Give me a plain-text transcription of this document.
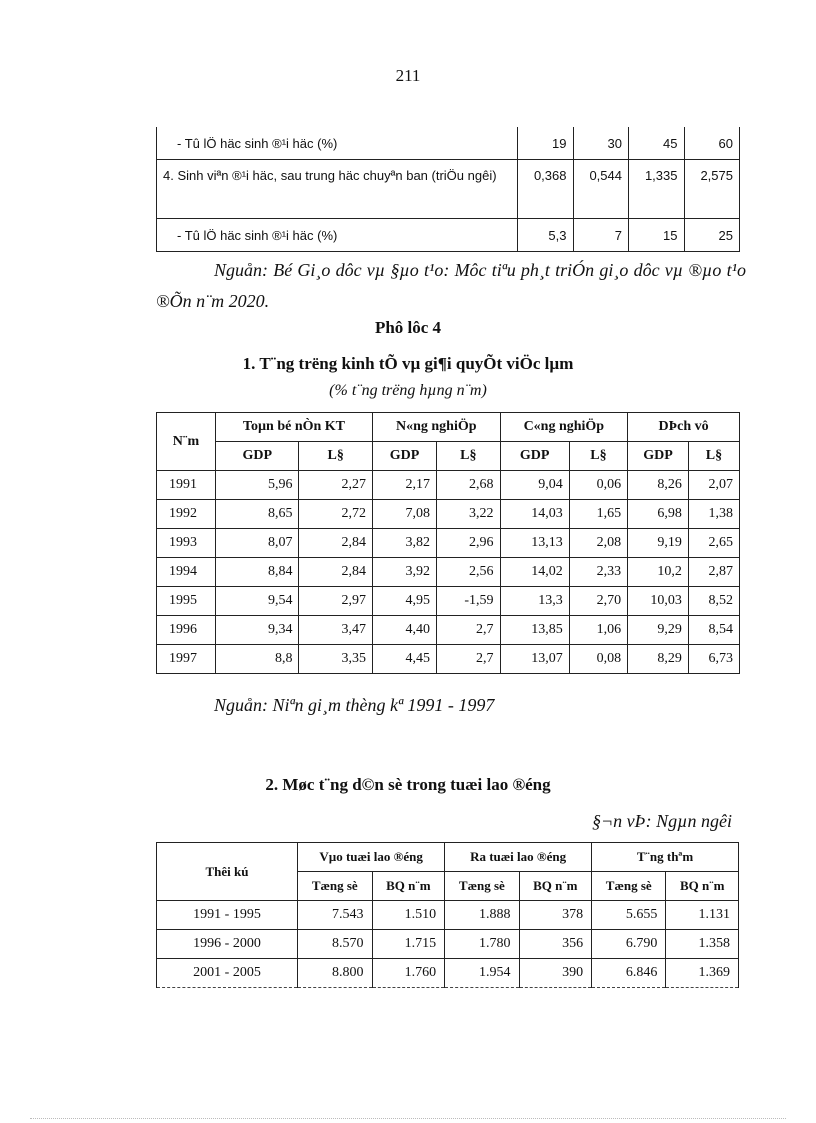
211
- Tû lÖ häc sinh ®¹i häc (%)	19	30	45	60
4. Sinh viªn ®¹i häc, sau trung häc chuyªn ban (triÖu ngêi)	0,368	0,544	1,335	2,575
- Tû lÖ häc sinh ®¹i häc (%)	5,3	7	15	25
Nguån: Bé Gi¸o dôc vµ §µo t¹o: Môc tiªu ph¸t triÓn gi¸o dôc vµ ®µo t¹o ®Õn n¨m 2020.
Phô lôc 4
1. T¨ng trëng kinh tÕ vµ gi¶i quyÕt viÖc lµm
(% t¨ng trëng hµng n¨m)
N¨m	Toµn bé nÒn KT		N«ng nghiÖp		C«ng nghiÖp		DÞch vô	
	GDP	L§	GDP	L§	GDP	L§	GDP	L§
1991	5,96	2,27	2,17	2,68	9,04	0,06	8,26	2,07
1992	8,65	2,72	7,08	3,22	14,03	1,65	6,98	1,38
1993	8,07	2,84	3,82	2,96	13,13	2,08	9,19	2,65
1994	8,84	2,84	3,92	2,56	14,02	2,33	10,2	2,87
1995	9,54	2,97	4,95	-1,59	13,3	2,70	10,03	8,52
1996	9,34	3,47	4,40	2,7	13,85	1,06	9,29	8,54
1997	8,8	3,35	4,45	2,7	13,07	0,08	8,29	6,73
Nguån: Niªn gi¸m thèng kª 1991 - 1997
2. Møc t¨ng d©n sè trong tuæi lao ®éng
§¬n vÞ: Ngµn ngêi
Thêi kú	Vµo tuæi lao ®éng		Ra tuæi lao ®éng		T¨ng thªm	
	Tæng sè	BQ n¨m	Tæng sè	BQ n¨m	Tæng sè	BQ n¨m
1991 - 1995	7.543	1.510	1.888	378	5.655	1.131
1996 - 2000	8.570	1.715	1.780	356	6.790	1.358
2001 - 2005	8.800	1.760	1.954	390	6.846	1.369
